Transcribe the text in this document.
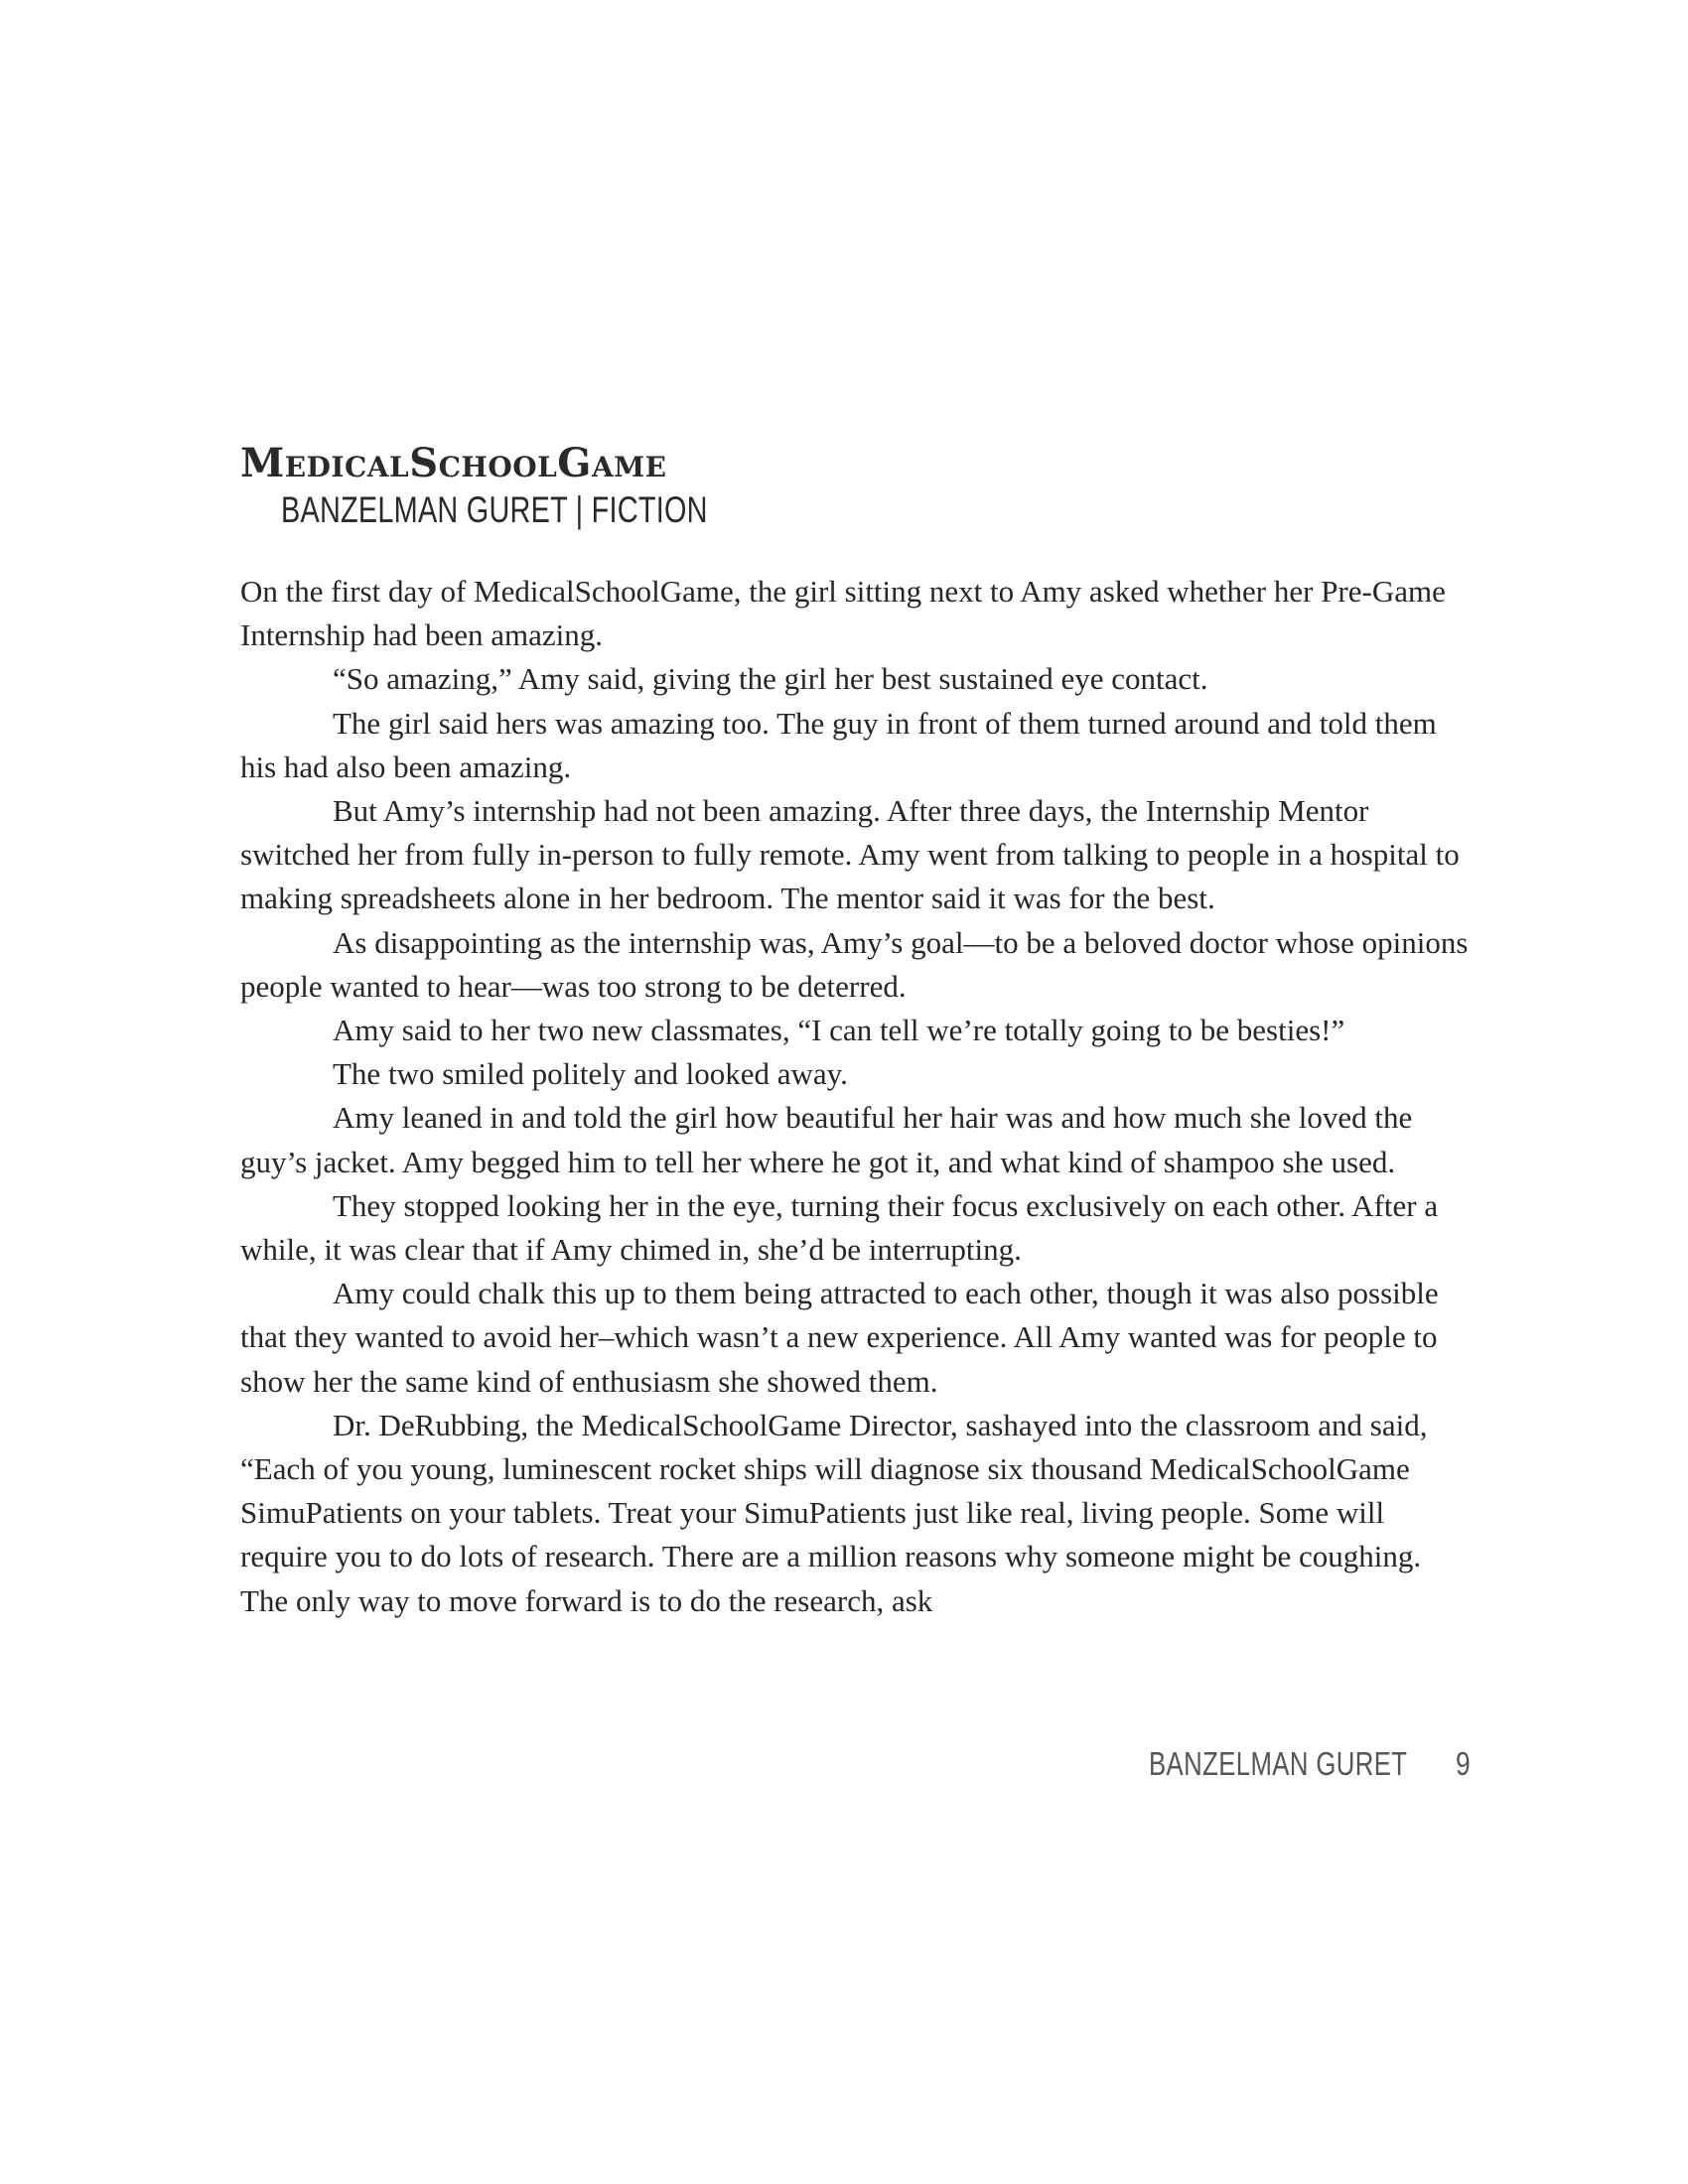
MedicalSchoolGame
BANZELMAN GURET | FICTION

On the first day of MedicalSchoolGame, the girl sitting next to Amy asked whether her Pre-Game Internship had been amazing.

“So amazing,” Amy said, giving the girl her best sustained eye contact.

The girl said hers was amazing too. The guy in front of them turned around and told them his had also been amazing.

But Amy’s internship had not been amazing. After three days, the Internship Mentor switched her from fully in-person to fully remote. Amy went from talking to people in a hospital to making spreadsheets alone in her bedroom. The mentor said it was for the best.

As disappointing as the internship was, Amy’s goal—to be a beloved doctor whose opinions people wanted to hear—was too strong to be deterred.

Amy said to her two new classmates, “I can tell we’re totally going to be besties!”

The two smiled politely and looked away.

Amy leaned in and told the girl how beautiful her hair was and how much she loved the guy’s jacket. Amy begged him to tell her where he got it, and what kind of shampoo she used.

They stopped looking her in the eye, turning their focus exclusively on each other. After a while, it was clear that if Amy chimed in, she’d be interrupting.

Amy could chalk this up to them being attracted to each other, though it was also possible that they wanted to avoid her–which wasn’t a new experience. All Amy wanted was for people to show her the same kind of enthusiasm she showed them.

Dr. DeRubbing, the MedicalSchoolGame Director, sashayed into the classroom and said, “Each of you young, luminescent rocket ships will diagnose six thousand MedicalSchoolGame SimuPatients on your tablets. Treat your SimuPatients just like real, living people. Some will require you to do lots of research. There are a million reasons why someone might be coughing. The only way to move forward is to do the research, ask

BANZELMAN GURET 9
